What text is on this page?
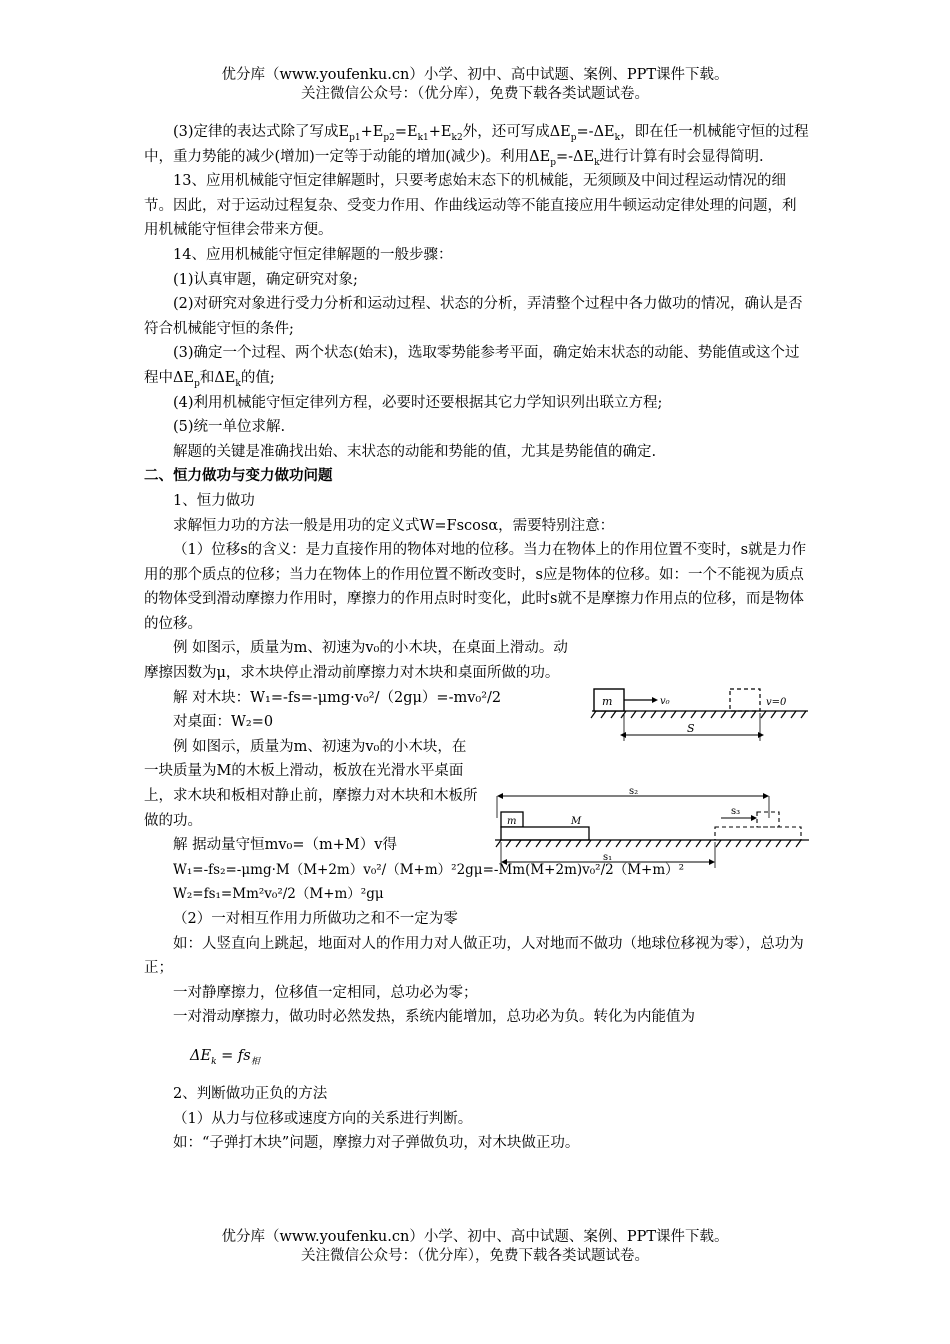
优分库（www.youfenku.cn）小学、初中、高中试题、案例、PPT课件下载。
关注微信公众号：（优分库），免费下载各类试题试卷。

(3)定律的表达式除了写成$E_{p1}+E_{p2}=E_{k1}+E_{k2}$外，还可写成$\Delta E_p=-\Delta E_k$，即在任一机械能守恒的过程中，重力势能的减少(增加)一定等于动能的增加(减少)。利用$\Delta E_p=-\Delta E_k$进行计算有时会显得简明.

13、应用机械能守恒定律解题时，只要考虑始末态下的机械能，无须顾及中间过程运动情况的细节。因此，对于运动过程复杂、受变力作用、作曲线运动等不能直接应用牛顿运动定律处理的问题，利用机械能守恒律会带来方便。

14、应用机械能守恒定律解题的一般步骤：

(1)认真审题，确定研究对象;

(2)对研究对象进行受力分析和运动过程、状态的分析，弄清整个过程中各力做功的情况，确认是否符合机械能守恒的条件;

(3)确定一个过程、两个状态(始末)，选取零势能参考平面，确定始末状态的动能、势能值或这个过程中$\Delta E_p$和$\Delta E_k$的值;

(4)利用机械能守恒定律列方程，必要时还要根据其它力学知识列出联立方程;

(5)统一单位求解.

解题的关键是准确找出始、末状态的动能和势能的值，尤其是势能值的确定.

二、恒力做功与变力做功问题

1、恒力做功

求解恒力功的方法一般是用功的定义式W=Fscosα，需要特别注意：

（1）位移s的含义：是力直接作用的物体对地的位移。当力在物体上的作用位置不变时，s就是力作用的那个质点的位移；当力在物体上的作用位置不断改变时，s应是物体的位移。如：一个不能视为质点的物体受到滑动摩擦力作用时，摩擦力的作用点时时变化，此时s就不是摩擦力作用点的位移，而是物体的位移。

例 如图示，质量为m、初速为v₀的小木块，在桌面上滑动。动摩擦因数为μ，求木块停止滑动前摩擦力对木块和桌面所做的功。

解 对木块：W₁=-fs=-μmg·v₀²/（2gμ）=-mv₀²/2

对桌面：W₂=0

例 如图示，质量为m、初速为v₀的小木块，在一块质量为M的木板上滑动，板放在光滑水平桌面上，求木块和板相对静止前，摩擦力对木块和木板所做的功。

解 据动量守恒mv₀=（m+M）v得

W₁=-fs₂=-μmg·M（M+2m）v₀²/（M+m）²2gμ=-Mm(M+2m)v₀²/2（M+m）²

W₂=fs₁=Mm²v₀²/2（M+m）²gμ

（2）一对相互作用力所做功之和不一定为零

如：人竖直向上跳起，地面对人的作用力对人做正功，人对地而不做功（地球位移视为零），总功为正；

一对静摩擦力，位移值一定相同，总功必为零；

一对滑动摩擦力，做功时必然发热，系统内能增加，总功必为负。转化为内能值为

$\Delta E_k = fs_相$

2、判断做功正负的方法

（1）从力与位移或速度方向的关系进行判断。

如：“子弹打木块”问题，摩擦力对子弹做负功，对木块做正功。

m	v₀	v=0
S
s₂
m	M
s₃
s₁
优分库（www.youfenku.cn）小学、初中、高中试题、案例、PPT课件下载。
关注微信公众号：（优分库），免费下载各类试题试卷。
